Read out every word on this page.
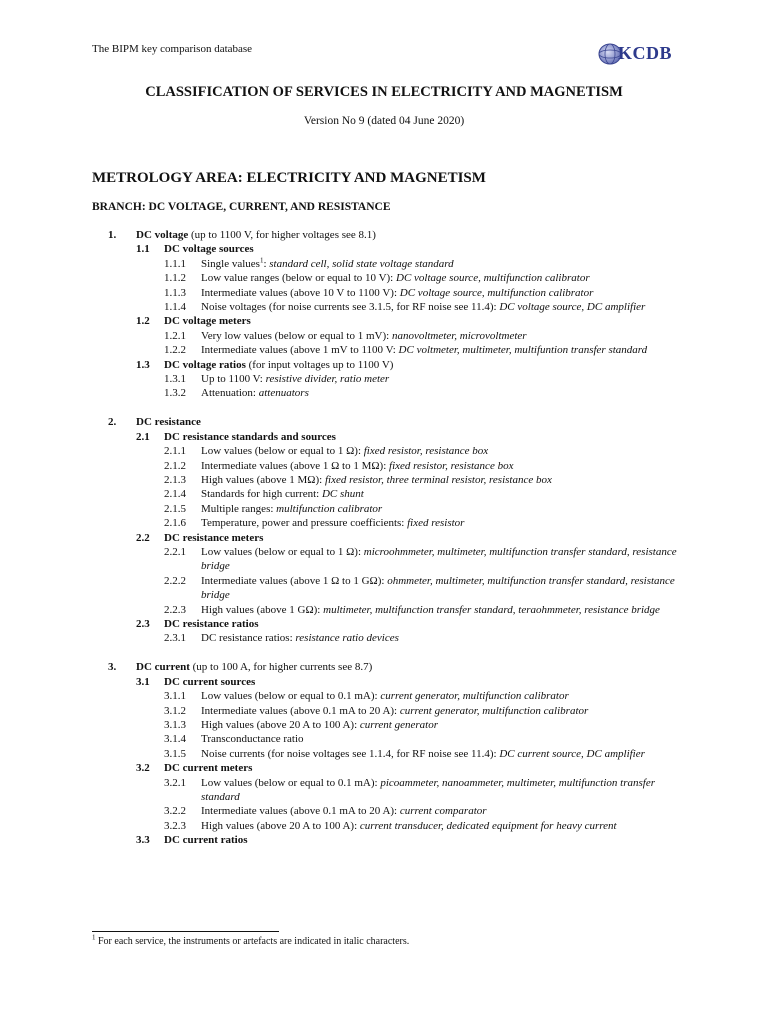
The BIPM key comparison database	KCDB
CLASSIFICATION OF SERVICES IN ELECTRICITY AND MAGNETISM
Version No 9 (dated 04 June 2020)
METROLOGY AREA: ELECTRICITY AND MAGNETISM
BRANCH: DC VOLTAGE, CURRENT, AND RESISTANCE
1. DC voltage (up to 1100 V, for higher voltages see 8.1)
1.1 DC voltage sources
1.1.1 Single values$^1$: standard cell, solid state voltage standard
1.1.2 Low value ranges (below or equal to 10 V): DC voltage source, multifunction calibrator
1.1.3 Intermediate values (above 10 V to 1100 V): DC voltage source, multifunction calibrator
1.1.4 Noise voltages (for noise currents see 3.1.5, for RF noise see 11.4): DC voltage source, DC amplifier
1.2 DC voltage meters
1.2.1 Very low values (below or equal to 1 mV): nanovoltmeter, microvoltmeter
1.2.2 Intermediate values (above 1 mV to 1100 V: DC voltmeter, multimeter, multifuntion transfer standard
1.3 DC voltage ratios (for input voltages up to 1100 V)
1.3.1 Up to 1100 V: resistive divider, ratio meter
1.3.2 Attenuation: attenuators
2. DC resistance
2.1 DC resistance standards and sources
2.1.1 Low values (below or equal to 1 Ω): fixed resistor, resistance box
2.1.2 Intermediate values (above 1 Ω to 1 MΩ): fixed resistor, resistance box
2.1.3 High values (above 1 MΩ): fixed resistor, three terminal resistor, resistance box
2.1.4 Standards for high current: DC shunt
2.1.5 Multiple ranges: multifunction calibrator
2.1.6 Temperature, power and pressure coefficients: fixed resistor
2.2 DC resistance meters
2.2.1 Low values (below or equal to 1 Ω): microohmmeter, multimeter, multifunction transfer standard, resistance bridge
2.2.2 Intermediate values (above 1 Ω to 1 GΩ): ohmmeter, multimeter, multifunction transfer standard, resistance bridge
2.2.3 High values (above 1 GΩ): multimeter, multifunction transfer standard, teraohmmeter, resistance bridge
2.3 DC resistance ratios
2.3.1 DC resistance ratios: resistance ratio devices
3. DC current (up to 100 A, for higher currents see 8.7)
3.1 DC current sources
3.1.1 Low values (below or equal to 0.1 mA): current generator, multifunction calibrator
3.1.2 Intermediate values (above 0.1 mA to 20 A): current generator, multifunction calibrator
3.1.3 High values (above 20 A to 100 A): current generator
3.1.4 Transconductance ratio
3.1.5 Noise currents (for noise voltages see 1.1.4, for RF noise see 11.4): DC current source, DC amplifier
3.2 DC current meters
3.2.1 Low values (below or equal to 0.1 mA): picoammeter, nanoammeter, multimeter, multifunction transfer standard
3.2.2 Intermediate values (above 0.1 mA to 20 A): current comparator
3.2.3 High values (above 20 A to 100 A): current transducer, dedicated equipment for heavy current
3.3 DC current ratios
$^1$ For each service, the instruments or artefacts are indicated in italic characters.
